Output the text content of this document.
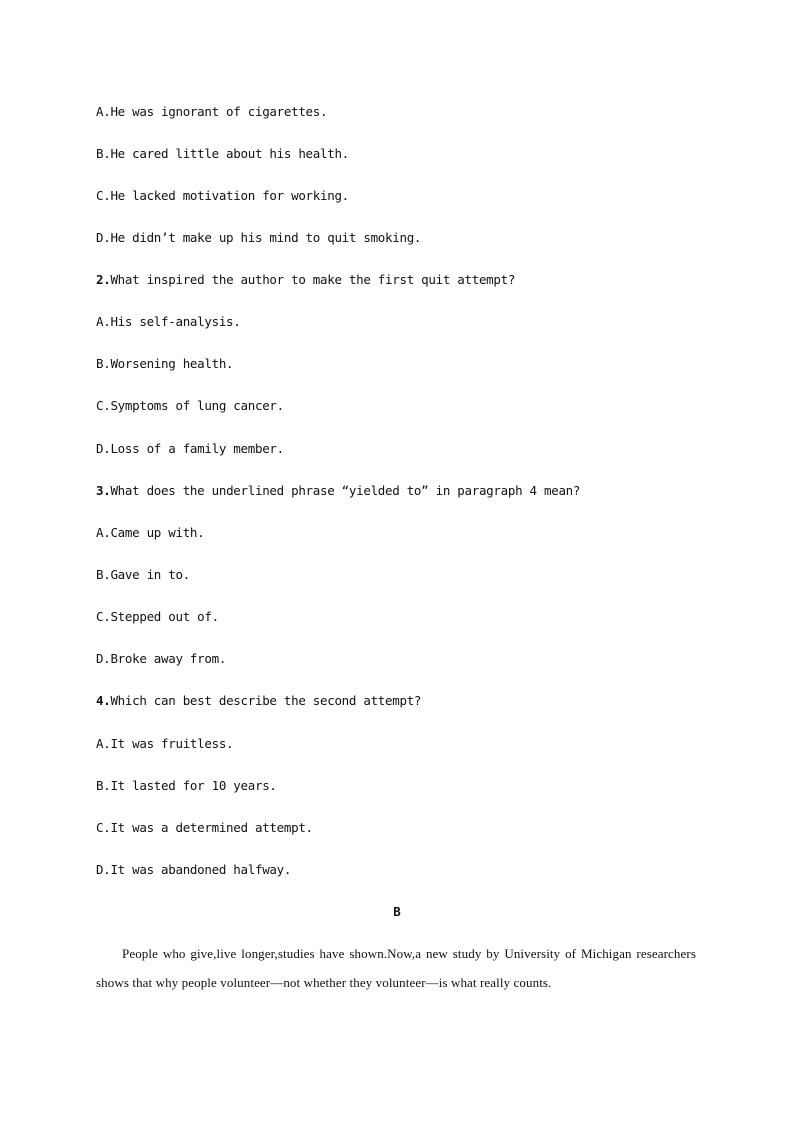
A.He was ignorant of cigarettes.
B.He cared little about his health.
C.He lacked motivation for working.
D.He didn’t make up his mind to quit smoking.
2.What inspired the author to make the first quit attempt?
A.His self-analysis.
B.Worsening health.
C.Symptoms of lung cancer.
D.Loss of a family member.
3.What does the underlined phrase “yielded to” in paragraph 4 mean?
A.Came up with.
B.Gave in to.
C.Stepped out of.
D.Broke away from.
4.Which can best describe the second attempt?
A.It was fruitless.
B.It lasted for 10 years.
C.It was a determined attempt.
D.It was abandoned halfway.
B
People who give,live longer,studies have shown.Now,a new study by University of Michigan researchers shows that why people volunteer—not whether they volunteer—is what really counts.
